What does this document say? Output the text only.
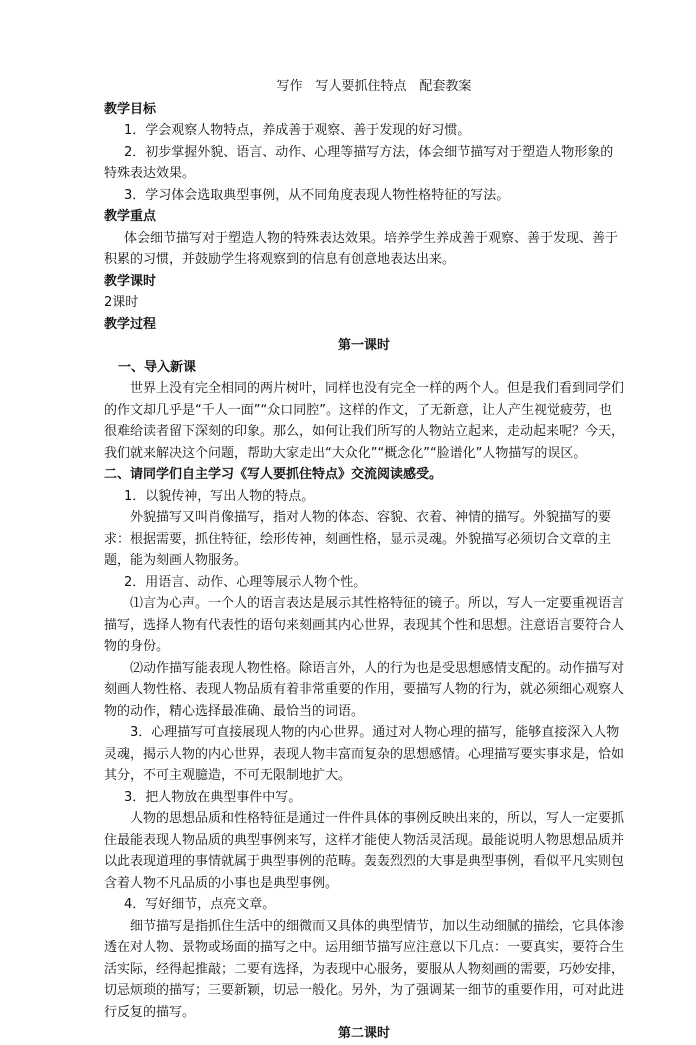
写作　写人要抓住特点　配套教案

教学目标

1．学会观察人物特点，养成善于观察、善于发现的好习惯。

2．初步掌握外貌、语言、动作、心理等描写方法，体会细节描写对于塑造人物形象的特殊表达效果。

3．学习体会选取典型事例，从不同角度表现人物性格特征的写法。

教学重点

体会细节描写对于塑造人物的特殊表达效果。培养学生养成善于观察、善于发现、善于积累的习惯，并鼓励学生将观察到的信息有创意地表达出来。

教学课时

2课时

教学过程

第一课时

一、导入新课

世界上没有完全相同的两片树叶，同样也没有完全一样的两个人。但是我们看到同学们的作文却几乎是“千人一面”“众口同腔”。这样的作文，了无新意，让人产生视觉疲劳，也很难给读者留下深刻的印象。那么，如何让我们所写的人物站立起来，走动起来呢？今天，我们就来解决这个问题，帮助大家走出“大众化”“概念化”“脸谱化”人物描写的误区。

二、请同学们自主学习《写人要抓住特点》交流阅读感受。

1．以貌传神，写出人物的特点。

外貌描写又叫肖像描写，指对人物的体态、容貌、衣着、神情的描写。外貌描写的要求：根据需要，抓住特征，绘形传神，刻画性格，显示灵魂。外貌描写必须切合文章的主题，能为刻画人物服务。

2．用语言、动作、心理等展示人物个性。

⑴言为心声。一个人的语言表达是展示其性格特征的镜子。所以，写人一定要重视语言描写，选择人物有代表性的语句来刻画其内心世界，表现其个性和思想。注意语言要符合人物的身份。

⑵动作描写能表现人物性格。除语言外，人的行为也是受思想感情支配的。动作描写对刻画人物性格、表现人物品质有着非常重要的作用，要描写人物的行为，就必须细心观察人物的动作，精心选择最准确、最恰当的词语。

3．心理描写可直接展现人物的内心世界。通过对人物心理的描写，能够直接深入人物灵魂，揭示人物的内心世界，表现人物丰富而复杂的思想感情。心理描写要实事求是，恰如其分，不可主观臆造，不可无限制地扩大。

3．把人物放在典型事件中写。

人物的思想品质和性格特征是通过一件件具体的事例反映出来的，所以，写人一定要抓住最能表现人物品质的典型事例来写，这样才能使人物活灵活现。最能说明人物思想品质并以此表现道理的事情就属于典型事例的范畴。轰轰烈烈的大事是典型事例，看似平凡实则包含着人物不凡品质的小事也是典型事例。

4．写好细节，点亮文章。

细节描写是指抓住生活中的细微而又具体的典型情节，加以生动细腻的描绘，它具体渗透在对人物、景物或场面的描写之中。运用细节描写应注意以下几点：一要真实，要符合生活实际，经得起推敲；二要有选择，为表现中心服务，要服从人物刻画的需要，巧妙安排，切忌烦琐的描写；三要新颖，切忌一般化。另外，为了强调某一细节的重要作用，可对此进行反复的描写。

第二课时
